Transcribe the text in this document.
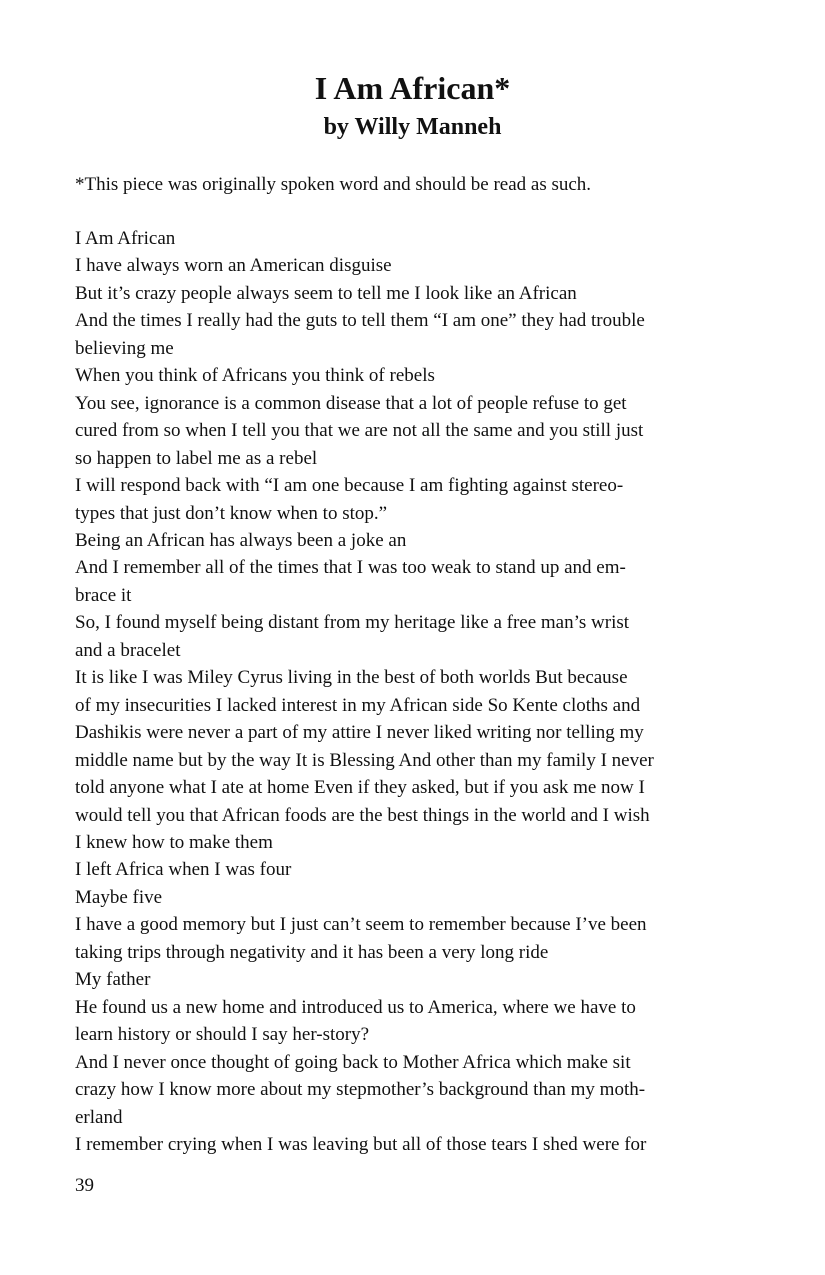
I Am African*
by Willy Manneh

*This piece was originally spoken word and should be read as such.

I Am African
I have always worn an American disguise
But it’s crazy people always seem to tell me I look like an African
And the times I really had the guts to tell them “I am one” they had trouble
believing me
When you think of Africans you think of rebels
You see, ignorance is a common disease that a lot of people refuse to get
cured from so when I tell you that we are not all the same and you still just
so happen to label me as a rebel
I will respond back with “I am one because I am fighting against stereo-
types that just don’t know when to stop.”
Being an African has always been a joke an
And I remember all of the times that I was too weak to stand up and em-
brace it
So, I found myself being distant from my heritage like a free man’s wrist
and a bracelet
It is like I was Miley Cyrus living in the best of both worlds But because
of my insecurities I lacked interest in my African side So Kente cloths and
Dashikis were never a part of my attire I never liked writing nor telling my
middle name but by the way It is Blessing And other than my family I never
told anyone what I ate at home Even if they asked, but if you ask me now I
would tell you that African foods are the best things in the world and I wish
I knew how to make them
I left Africa when I was four
Maybe five
I have a good memory but I just can’t seem to remember because I’ve been
taking trips through negativity and it has been a very long ride
My father
He found us a new home and introduced us to America, where we have to
learn history or should I say her-story?
And I never once thought of going back to Mother Africa which make sit
crazy how I know more about my stepmother’s background than my moth-
erland
I remember crying when I was leaving but all of those tears I shed were for

39
